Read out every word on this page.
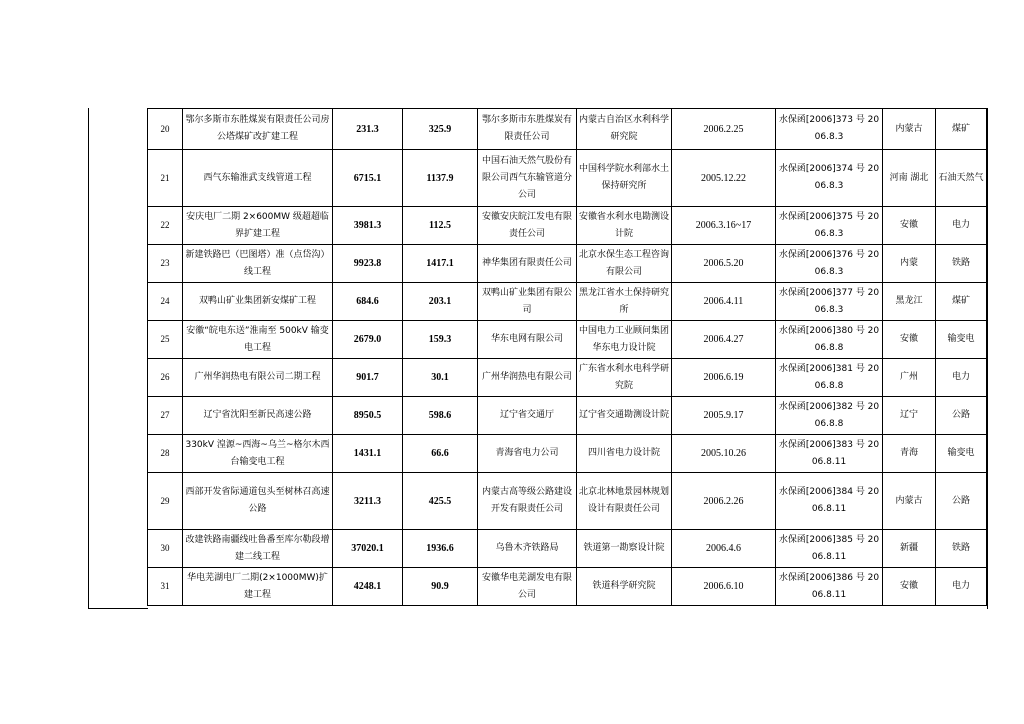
20	鄂尔多斯市东胜煤炭有限责任公司房公塔煤矿改扩建工程	231.3	325.9	鄂尔多斯市东胜煤炭有限责任公司	内蒙古自治区水利科学研究院	2006.2.25	水保函[2006]373 号 2006.8.3	内蒙古	煤矿
21	西气东输淮武支线管道工程	6715.1	1137.9	中国石油天然气股份有限公司西气东输管道分公司	中国科学院水利部水土保持研究所	2005.12.22	水保函[2006]374 号 2006.8.3	河南 湖北	石油天然气
22	安庆电厂二期 2×600MW 级超超临界扩建工程	3981.3	112.5	安徽安庆皖江发电有限责任公司	安徽省水利水电勘测设计院	2006.3.16~17	水保函[2006]375 号 2006.8.3	安徽	电力
23	新建铁路巴（巴图塔）准（点岱沟）线工程	9923.8	1417.1	神华集团有限责任公司	北京水保生态工程咨询有限公司	2006.5.20	水保函[2006]376 号 2006.8.3	内蒙	铁路
24	双鸭山矿业集团新安煤矿工程	684.6	203.1	双鸭山矿业集团有限公司	黑龙江省水土保持研究所	2006.4.11	水保函[2006]377 号 2006.8.3	黑龙江	煤矿
25	安徽“皖电东送”淮南至 500kV 输变电工程	2679.0	159.3	华东电网有限公司	中国电力工业顾问集团华东电力设计院	2006.4.27	水保函[2006]380 号 2006.8.8	安徽	输变电
26	广州华润热电有限公司二期工程	901.7	30.1	广州华润热电有限公司	广东省水利水电科学研究院	2006.6.19	水保函[2006]381 号 2006.8.8	广州	电力
27	辽宁省沈阳至新民高速公路	8950.5	598.6	辽宁省交通厅	辽宁省交通勘测设计院	2005.9.17	水保函[2006]382 号 2006.8.8	辽宁	公路
28	330kV 湟源~西海~乌兰~格尔木西台输变电工程	1431.1	66.6	青海省电力公司	四川省电力设计院	2005.10.26	水保函[2006]383 号 2006.8.11	青海	输变电
29	西部开发省际通道包头至树林召高速公路	3211.3	425.5	内蒙古高等级公路建设开发有限责任公司	北京北林地景园林规划设计有限责任公司	2006.2.26	水保函[2006]384 号 2006.8.11	内蒙古	公路
30	改建铁路南疆线吐鲁番至库尔勒段增建二线工程	37020.1	1936.6	乌鲁木齐铁路局	铁道第一勘察设计院	2006.4.6	水保函[2006]385 号 2006.8.11	新疆	铁路
31	华电芜湖电厂二期(2×1000MW)扩建工程	4248.1	90.9	安徽华电芜湖发电有限公司	铁道科学研究院	2006.6.10	水保函[2006]386 号 2006.8.11	安徽	电力
